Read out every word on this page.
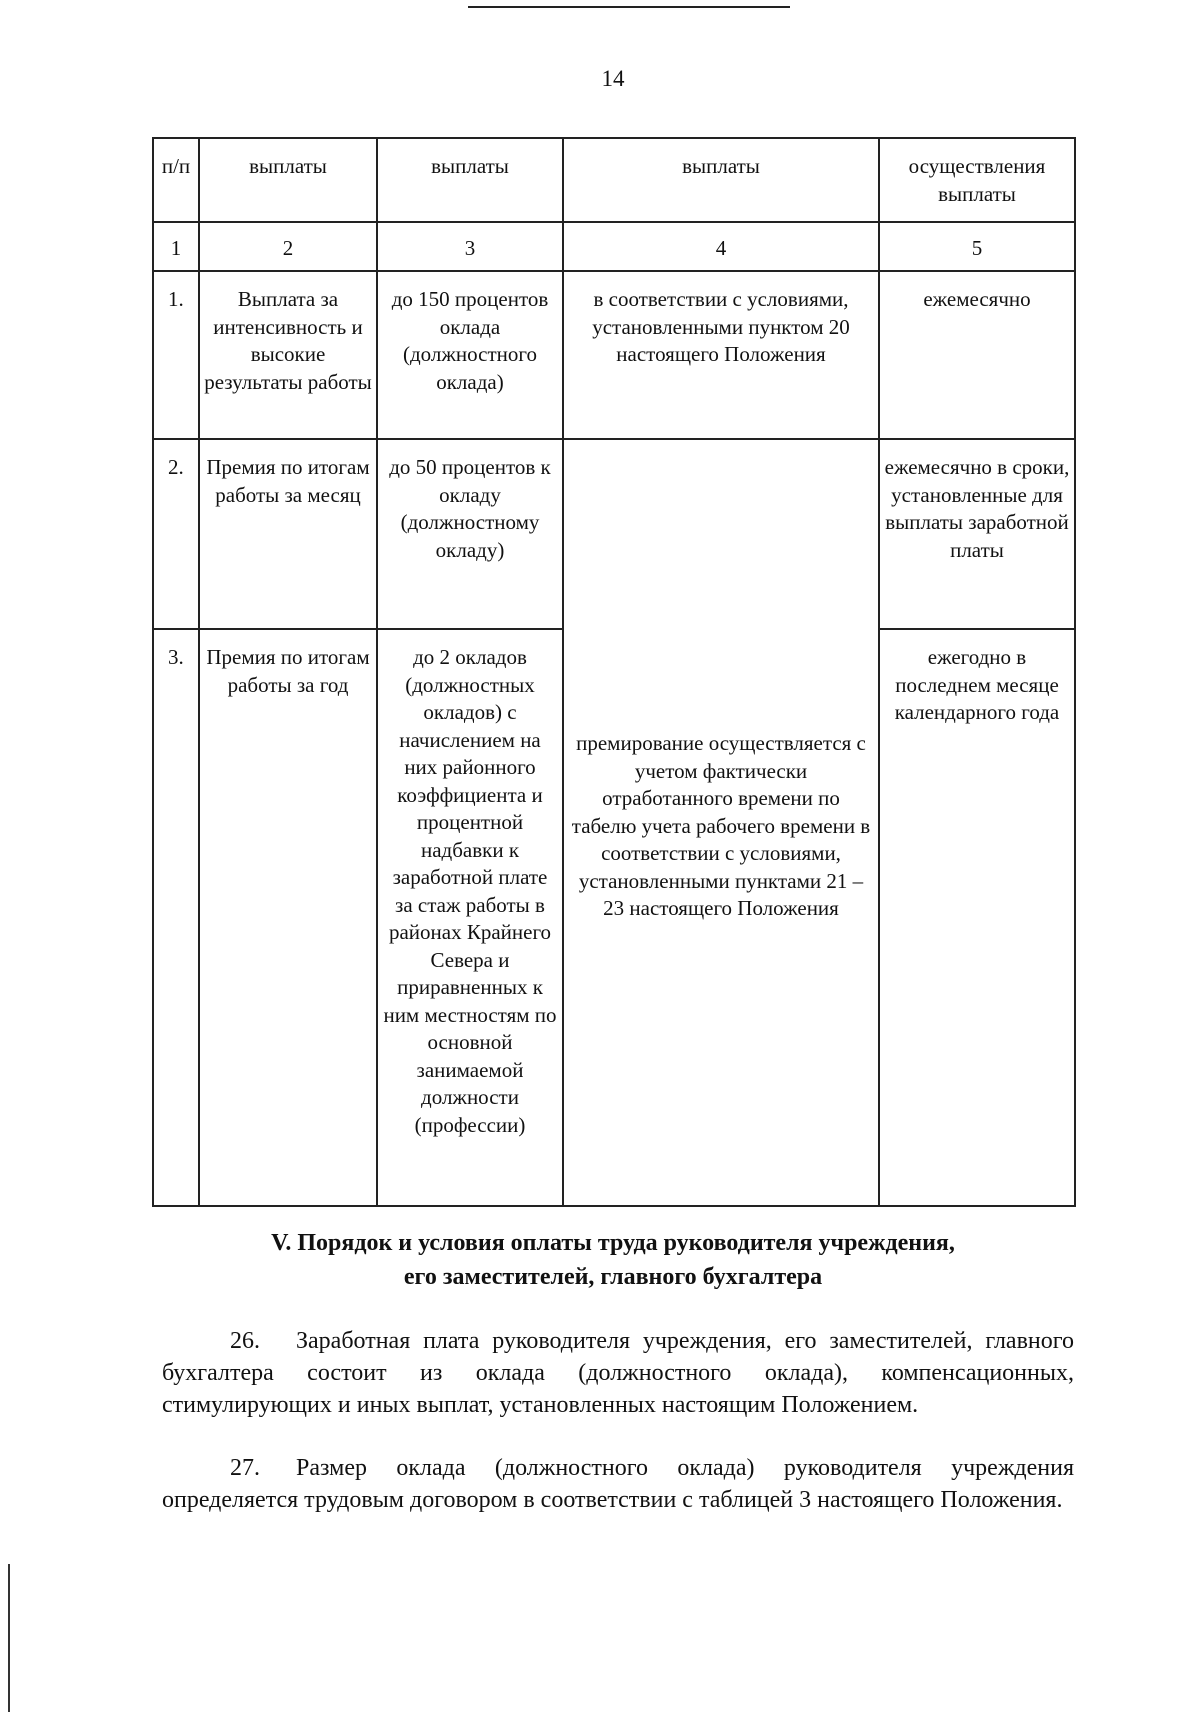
14
п/п	выплаты	выплаты	выплаты	осуществления выплаты
1	2	3	4	5
1.	Выплата за интенсивность и высокие результаты работы	до 150 процентов оклада (должностного оклада)	в соответствии с условиями, установленными пунктом 20 настоящего Положения	ежемесячно
2.	Премия по итогам работы за месяц	до 50 процентов к окладу (должностному окладу)	премирование осуществляется с учетом фактически отработанного времени по табелю учета рабочего времени в соответствии с условиями, установленными пунктами 21 – 23 настоящего Положения	ежемесячно в сроки, установленные для выплаты заработной платы
3.	Премия по итогам работы за год	до 2 окладов (должностных окладов) с начислением на них районного коэффициента и процентной надбавки к заработной плате за стаж работы в районах Крайнего Севера и приравненных к ним местностям по основной занимаемой должности (профессии)		ежегодно в последнем месяце календарного года
V. Порядок и условия оплаты труда руководителя учреждения,
его заместителей, главного бухгалтера
26. Заработная плата руководителя учреждения, его заместителей, главного бухгалтера состоит из оклада (должностного оклада), компенсационных, стимулирующих и иных выплат, установленных настоящим Положением.
27. Размер оклада (должностного оклада) руководителя учреждения определяется трудовым договором в соответствии с таблицей 3 настоящего Положения.
